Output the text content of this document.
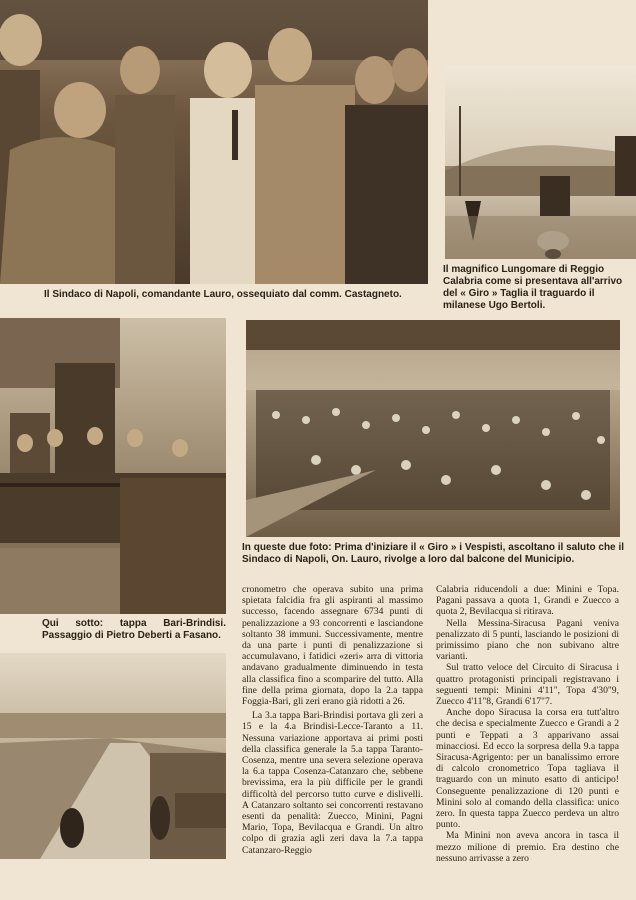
Il Sindaco di Napoli, comandante Lauro, ossequiato dal comm. Castagneto.
Il magnifico Lungomare di Reggio Calabria come si presentava all'arrivo del « Giro » Taglia il traguardo il milanese Ugo Bertoli.
Qui sotto: tappa Bari-Brindisi. Passaggio di Pietro Deberti a Fasano.
In queste due foto: Prima d'iniziare il « Giro » i Vespisti, ascoltano il saluto che il Sindaco di Napoli, On. Lauro, rivolge a loro dal balcone del Municipio.

cronometro che operava subito una prima spietata falcidia fra gli aspiranti al massimo successo, facendo assegnare 6734 punti di penalizzazione a 93 concorrenti e lasciandone soltanto 38 immuni. Successivamente, mentre da una parte i punti di penalizzazione si accumulavano, i fatidici «zeri» arra di vittoria andavano gradualmente diminuendo in testa alla classifica fino a scomparire del tutto. Alla fine della prima giornata, dopo la 2.a tappa Foggia-Bari, gli zeri erano già ridotti a 26.

La 3.a tappa Bari-Brindisi portava gli zeri a 15 e la 4.a Brindisi-Lecce-Taranto a 11. Nessuna variazione apportava ai primi posti della classifica generale la 5.a tappa Taranto-Cosenza, mentre una severa selezione operava la 6.a tappa Cosenza-Catanzaro che, sebbene brevissima, era la più difficile per le grandi difficoltà del percorso tutto curve e dislivelli. A Catanzaro soltanto sei concorrenti restavano esenti da penalità: Zuecco, Minini, Pagni Mario, Topa, Bevilacqua e Grandi. Un altro colpo di grazia agli zeri dava la 7.a tappa Catanzaro-Reggio

Calabria riducendoli a due: Minini e Topa. Pagani passava a quota 1, Grandi e Zuecco a quota 2, Bevilacqua si ritirava.

Nella Messina-Siracusa Pagani veniva penalizzato di 5 punti, lasciando le posizioni di primissimo piano che non subivano altre varianti.

Sul tratto veloce del Circuito di Siracusa i quattro protagonisti principali registravano i seguenti tempi: Minini 4'11", Topa 4'30"9, Zuecco 4'11"8, Grandi 6'17"7.

Anche dopo Siracusa la corsa era tutt'altro che decisa e specialmente Zuecco e Grandi a 2 punti e Teppati a 3 apparivano assai minacciosi. Ed ecco la sorpresa della 9.a tappa Siracusa-Agrigento: per un banalissimo errore di calcolo cronometrico Topa tagliava il traguardo con un minuto esatto di anticipo! Conseguente penalizzazione di 120 punti e Minini solo al comando della classifica: unico zero. In questa tappa Zuecco perdeva un altro punto.

Ma Minini non aveva ancora in tasca il mezzo milione di premio. Era destino che nessuno arrivasse a zero
